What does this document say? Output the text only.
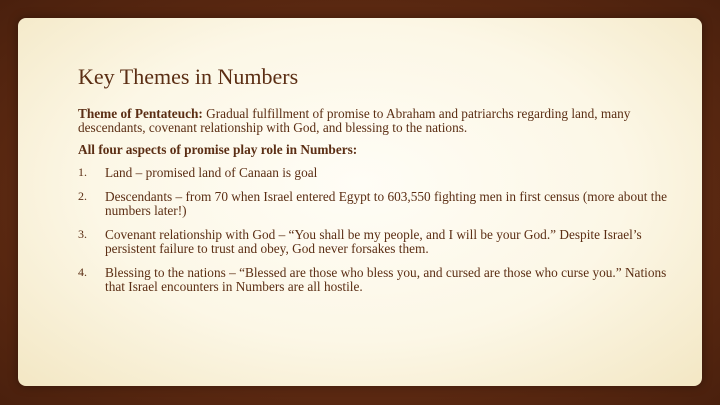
Key Themes in Numbers

Theme of Pentateuch: Gradual fulfillment of promise to Abraham and patriarchs regarding land, many descendants, covenant relationship with God, and blessing to the nations.

All four aspects of promise play role in Numbers:

1.	Land – promised land of Canaan is goal
2.	Descendants – from 70 when Israel entered Egypt to 603,550 fighting men in first census (more about the numbers later!)
3.	Covenant relationship with God – “You shall be my people, and I will be your God.” Despite Israel’s persistent failure to trust and obey, God never forsakes them.
4.	Blessing to the nations – “Blessed are those who bless you, and cursed are those who curse you.” Nations that Israel encounters in Numbers are all hostile.
